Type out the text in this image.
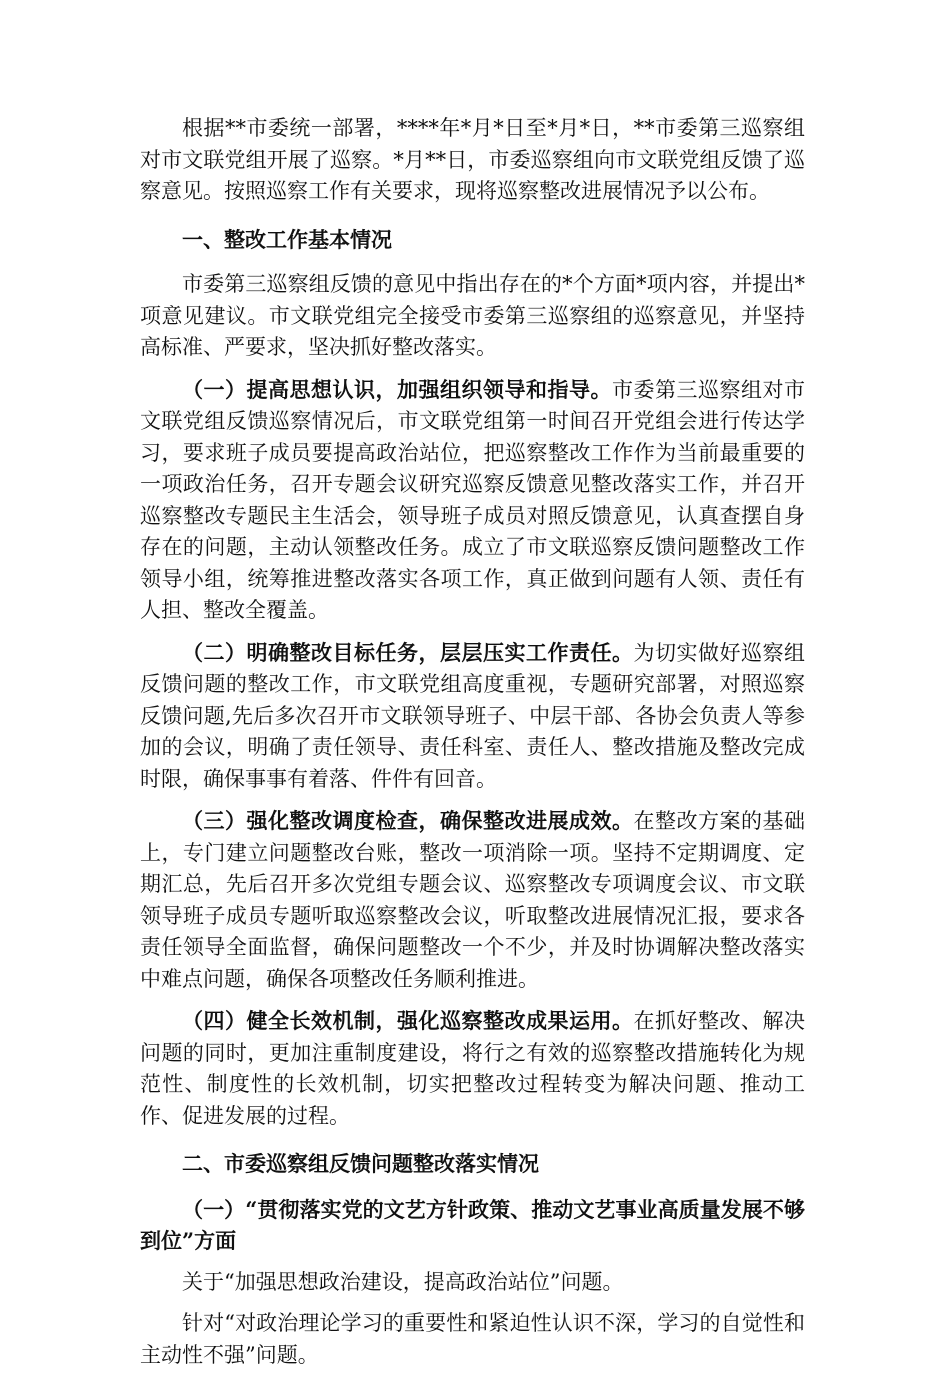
根据**市委统一部署，****年*月*日至*月*日，**市委第三巡察组对市文联党组开展了巡察。*月**日，市委巡察组向市文联党组反馈了巡察意见。按照巡察工作有关要求，现将巡察整改进展情况予以公布。

一、整改工作基本情况

市委第三巡察组反馈的意见中指出存在的*个方面*项内容，并提出*项意见建议。市文联党组完全接受市委第三巡察组的巡察意见，并坚持高标准、严要求，坚决抓好整改落实。

（一）提高思想认识，加强组织领导和指导。市委第三巡察组对市文联党组反馈巡察情况后，市文联党组第一时间召开党组会进行传达学习，要求班子成员要提高政治站位，把巡察整改工作作为当前最重要的一项政治任务，召开专题会议研究巡察反馈意见整改落实工作，并召开巡察整改专题民主生活会，领导班子成员对照反馈意见，认真查摆自身存在的问题，主动认领整改任务。成立了市文联巡察反馈问题整改工作领导小组，统筹推进整改落实各项工作，真正做到问题有人领、责任有人担、整改全覆盖。

（二）明确整改目标任务，层层压实工作责任。为切实做好巡察组反馈问题的整改工作，市文联党组高度重视，专题研究部署，对照巡察反馈问题,先后多次召开市文联领导班子、中层干部、各协会负责人等参加的会议，明确了责任领导、责任科室、责任人、整改措施及整改完成时限，确保事事有着落、件件有回音。

（三）强化整改调度检查，确保整改进展成效。在整改方案的基础上，专门建立问题整改台账，整改一项消除一项。坚持不定期调度、定期汇总，先后召开多次党组专题会议、巡察整改专项调度会议、市文联领导班子成员专题听取巡察整改会议，听取整改进展情况汇报，要求各责任领导全面监督，确保问题整改一个不少，并及时协调解决整改落实中难点问题，确保各项整改任务顺利推进。

（四）健全长效机制，强化巡察整改成果运用。在抓好整改、解决问题的同时，更加注重制度建设，将行之有效的巡察整改措施转化为规范性、制度性的长效机制，切实把整改过程转变为解决问题、推动工作、促进发展的过程。

二、市委巡察组反馈问题整改落实情况

（一）“贯彻落实党的文艺方针政策、推动文艺事业高质量发展不够到位”方面

关于“加强思想政治建设，提高政治站位”问题。

针对“对政治理论学习的重要性和紧迫性认识不深，学习的自觉性和主动性不强”问题。
